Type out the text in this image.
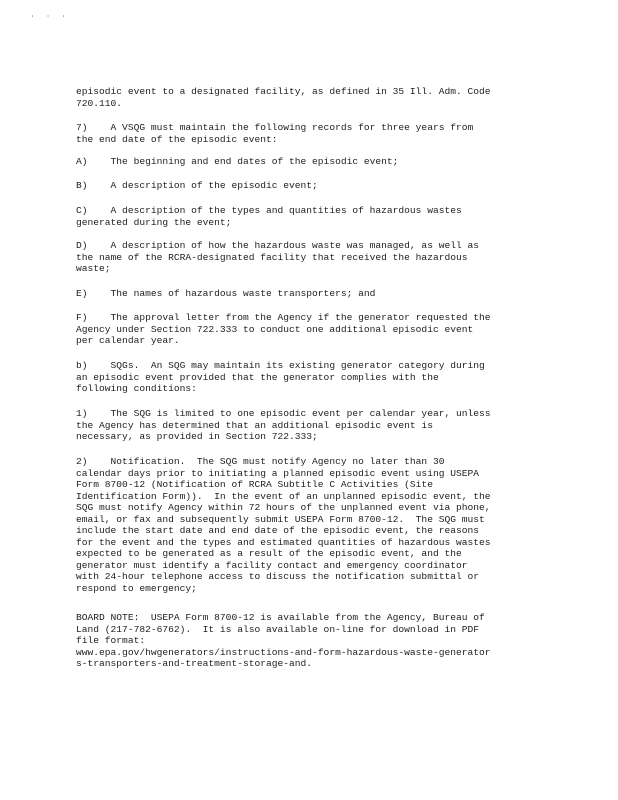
' ' '

episodic event to a designated facility, as defined in 35 Ill. Adm. Code
720.110.

7)    A VSQG must maintain the following records for three years from
the end date of the episodic event:

A)    The beginning and end dates of the episodic event;

B)    A description of the episodic event;

C)    A description of the types and quantities of hazardous wastes
generated during the event;

D)    A description of how the hazardous waste was managed, as well as
the name of the RCRA-designated facility that received the hazardous
waste;

E)    The names of hazardous waste transporters; and

F)    The approval letter from the Agency if the generator requested the
Agency under Section 722.333 to conduct one additional episodic event
per calendar year.

b)    SQGs.  An SQG may maintain its existing generator category during
an episodic event provided that the generator complies with the
following conditions:

1)    The SQG is limited to one episodic event per calendar year, unless
the Agency has determined that an additional episodic event is
necessary, as provided in Section 722.333;

2)    Notification.  The SQG must notify Agency no later than 30
calendar days prior to initiating a planned episodic event using USEPA
Form 8700-12 (Notification of RCRA Subtitle C Activities (Site
Identification Form)).  In the event of an unplanned episodic event, the
SQG must notify Agency within 72 hours of the unplanned event via phone,
email, or fax and subsequently submit USEPA Form 8700-12.  The SQG must
include the start date and end date of the episodic event, the reasons
for the event and the types and estimated quantities of hazardous wastes
expected to be generated as a result of the episodic event, and the
generator must identify a facility contact and emergency coordinator
with 24-hour telephone access to discuss the notification submittal or
respond to emergency;

BOARD NOTE:  USEPA Form 8700-12 is available from the Agency, Bureau of
Land (217-782-6762).  It is also available on-line for download in PDF
file format:
www.epa.gov/hwgenerators/instructions-and-form-hazardous-waste-generator
s-transporters-and-treatment-storage-and.
